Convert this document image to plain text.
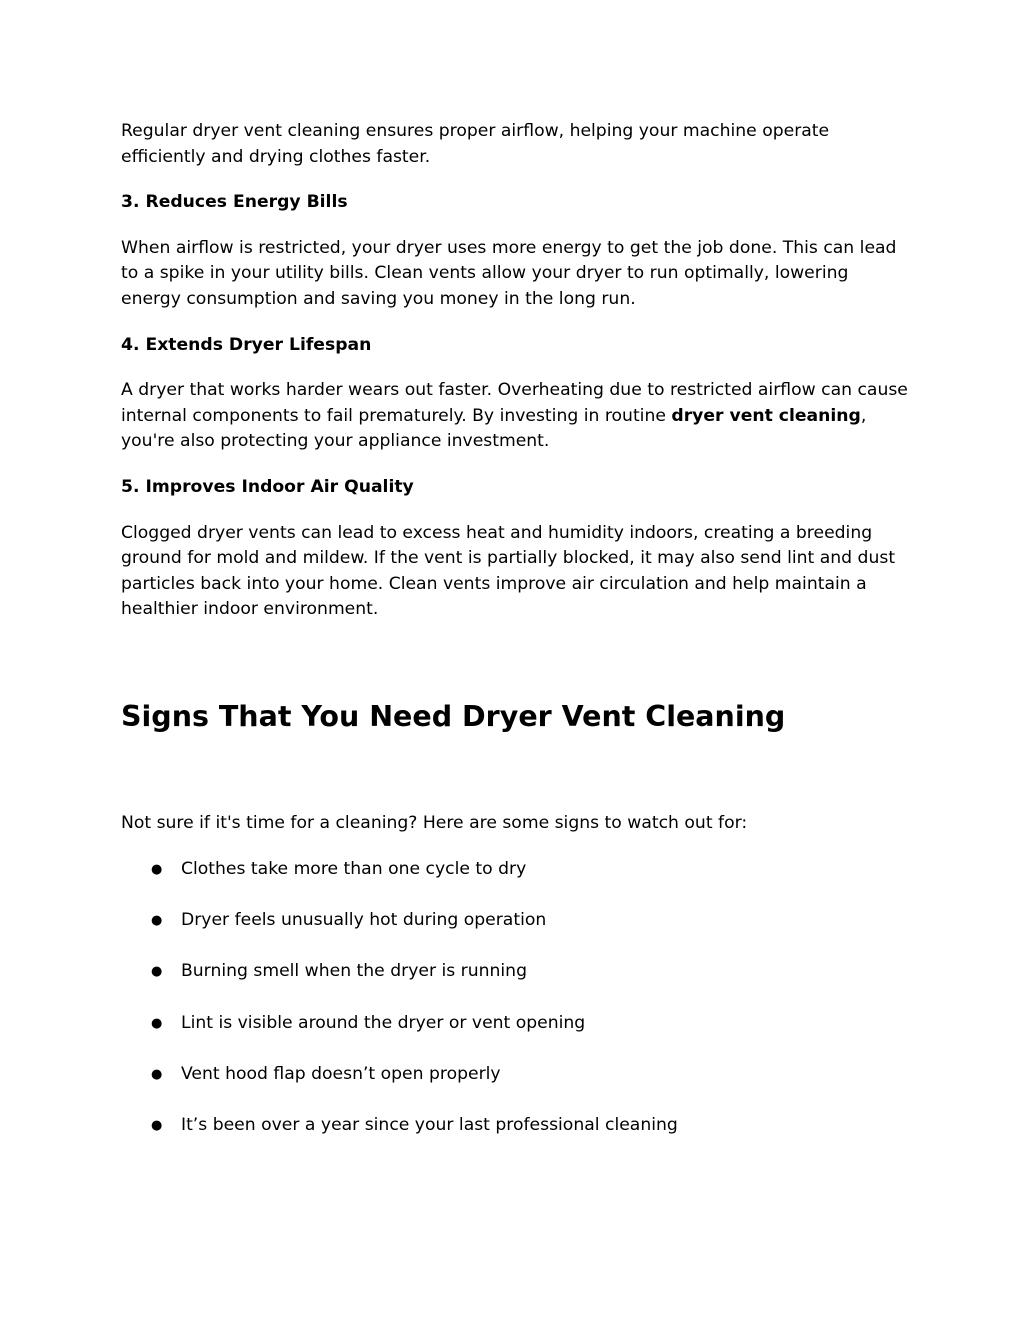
Regular dryer vent cleaning ensures proper airflow, helping your machine operate efficiently and drying clothes faster.

3. Reduces Energy Bills

When airflow is restricted, your dryer uses more energy to get the job done. This can lead to a spike in your utility bills. Clean vents allow your dryer to run optimally, lowering energy consumption and saving you money in the long run.

4. Extends Dryer Lifespan

A dryer that works harder wears out faster. Overheating due to restricted airflow can cause internal components to fail prematurely. By investing in routine dryer vent cleaning, you're also protecting your appliance investment.

5. Improves Indoor Air Quality

Clogged dryer vents can lead to excess heat and humidity indoors, creating a breeding ground for mold and mildew. If the vent is partially blocked, it may also send lint and dust particles back into your home. Clean vents improve air circulation and help maintain a healthier indoor environment.

Signs That You Need Dryer Vent Cleaning

Not sure if it's time for a cleaning? Here are some signs to watch out for:

● Clothes take more than one cycle to dry
● Dryer feels unusually hot during operation
● Burning smell when the dryer is running
● Lint is visible around the dryer or vent opening
● Vent hood flap doesn’t open properly
● It’s been over a year since your last professional cleaning
